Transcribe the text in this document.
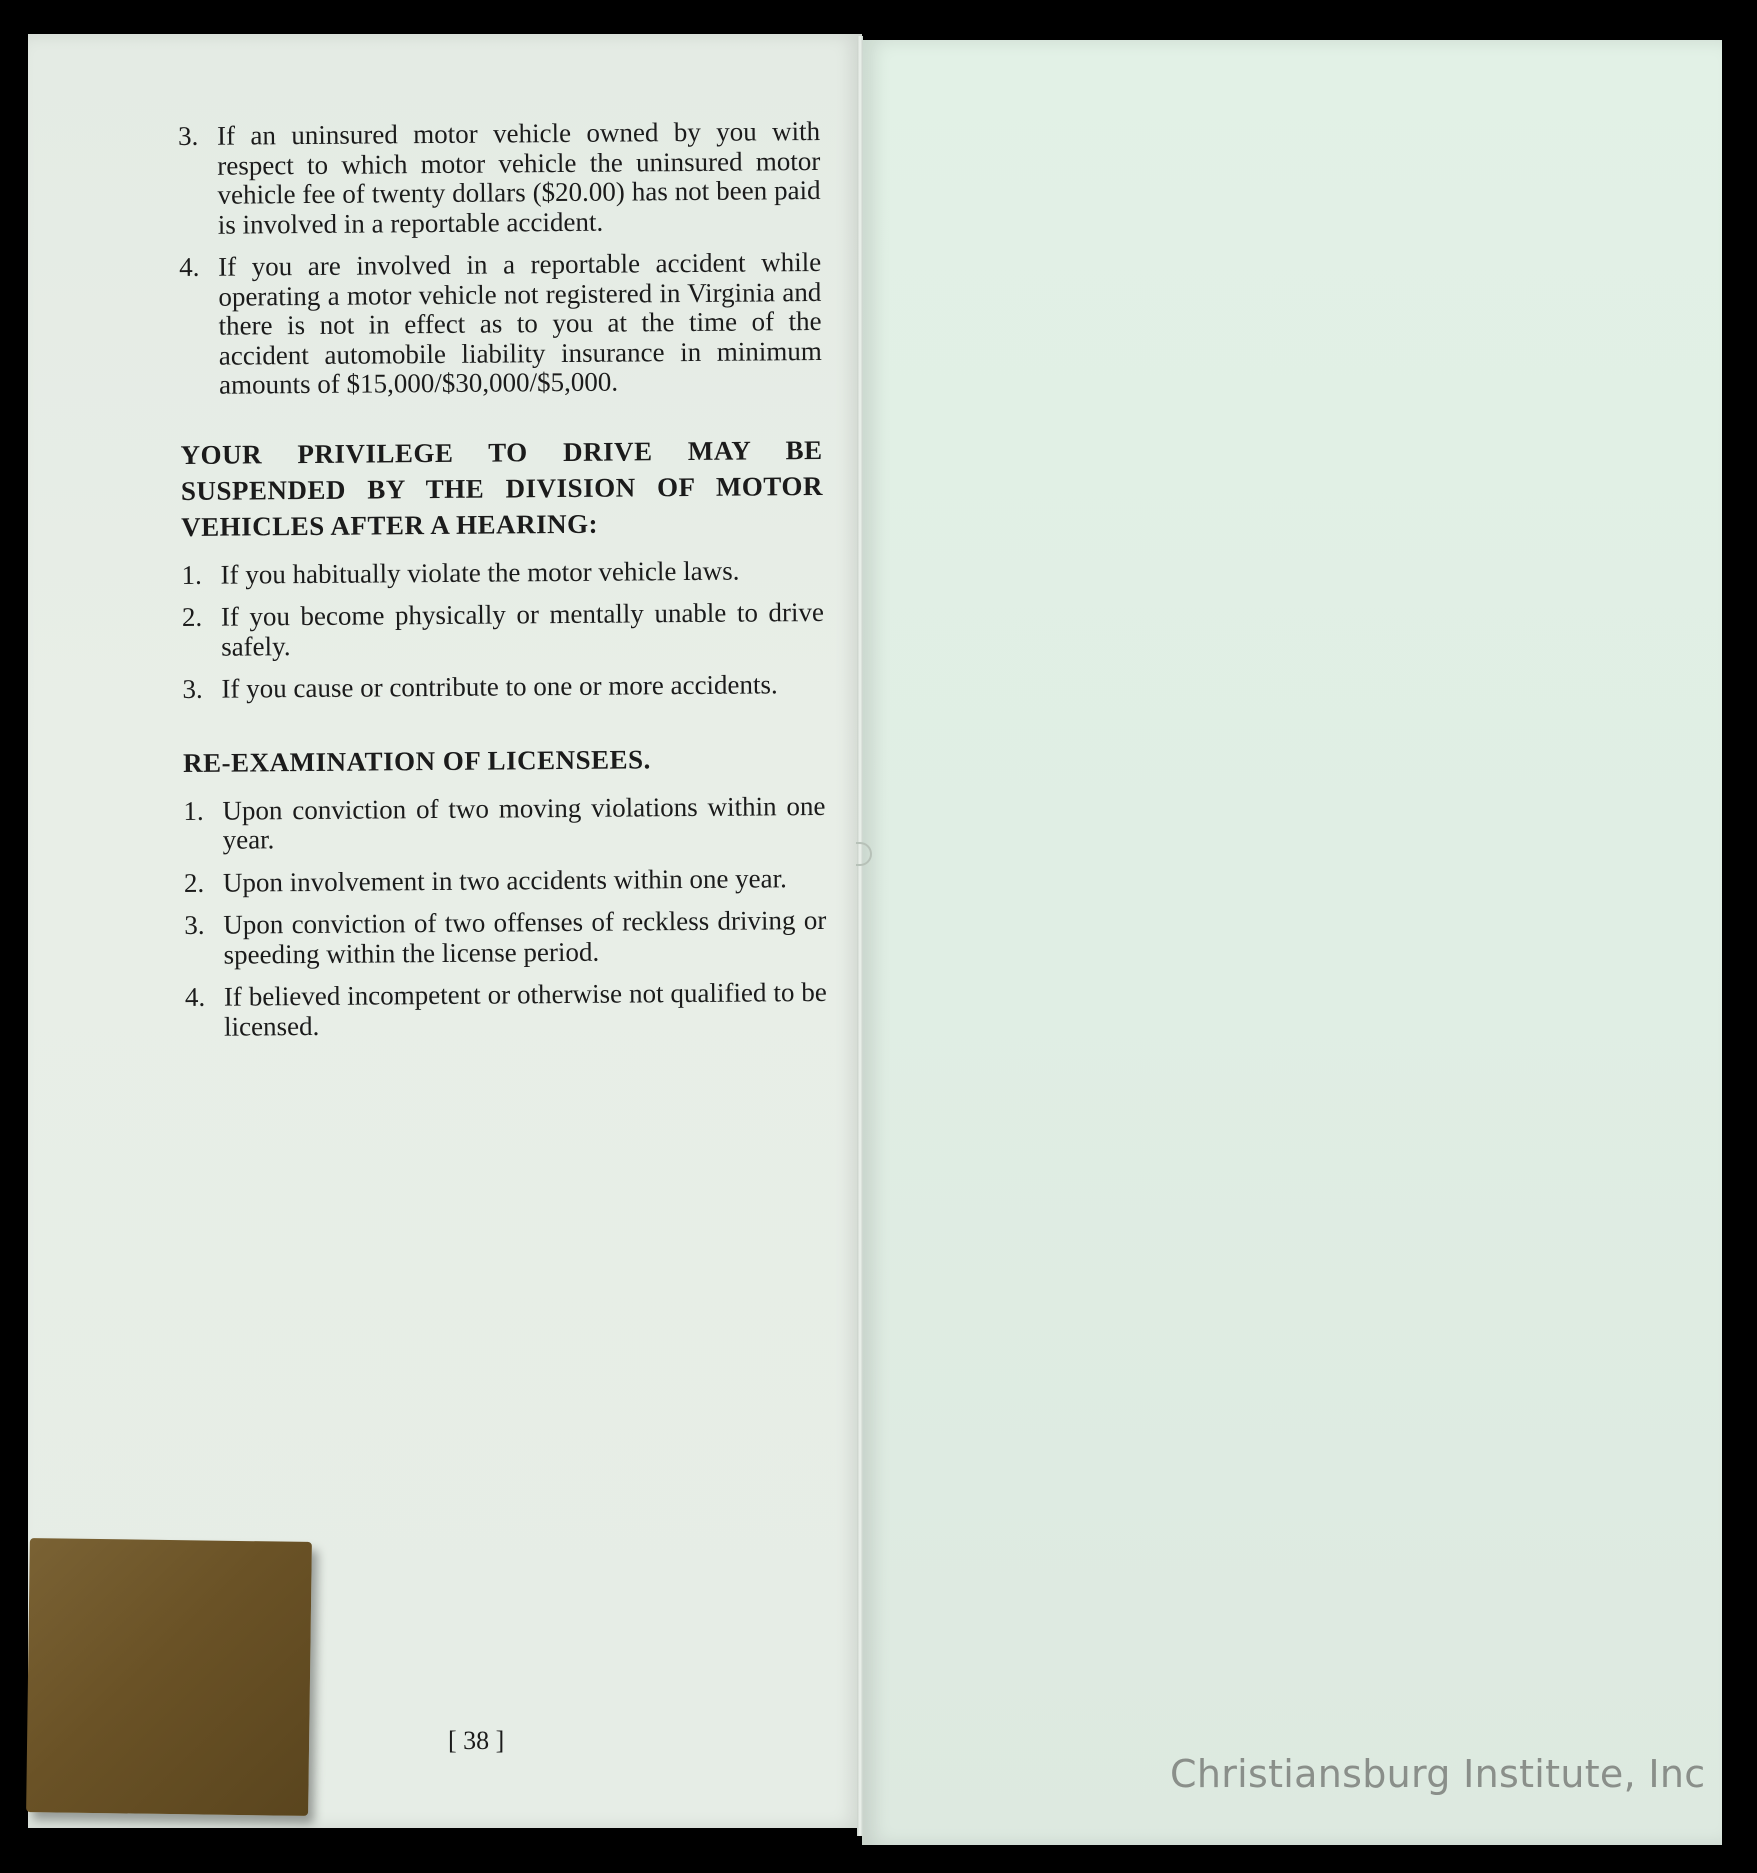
3. If an uninsured motor vehicle owned by you with respect to which motor vehicle the uninsured motor vehicle fee of twenty dollars ($20.00) has not been paid is involved in a reportable accident.
4. If you are involved in a reportable accident while operating a motor vehicle not registered in Virginia and there is not in effect as to you at the time of the accident automobile liability insurance in minimum amounts of $15,000/$30,000/$5,000.
YOUR PRIVILEGE TO DRIVE MAY BE SUSPENDED BY THE DIVISION OF MOTOR VEHICLES AFTER A HEARING:
1. If you habitually violate the motor vehicle laws.
2. If you become physically or mentally unable to drive safely.
3. If you cause or contribute to one or more accidents.
RE-EXAMINATION OF LICENSEES.
1. Upon conviction of two moving violations within one year.
2. Upon involvement in two accidents within one year.
3. Upon conviction of two offenses of reckless driving or speeding within the license period.
4. If believed incompetent or otherwise not qualified to be licensed.
[ 38 ]
Christiansburg Institute, Inc
